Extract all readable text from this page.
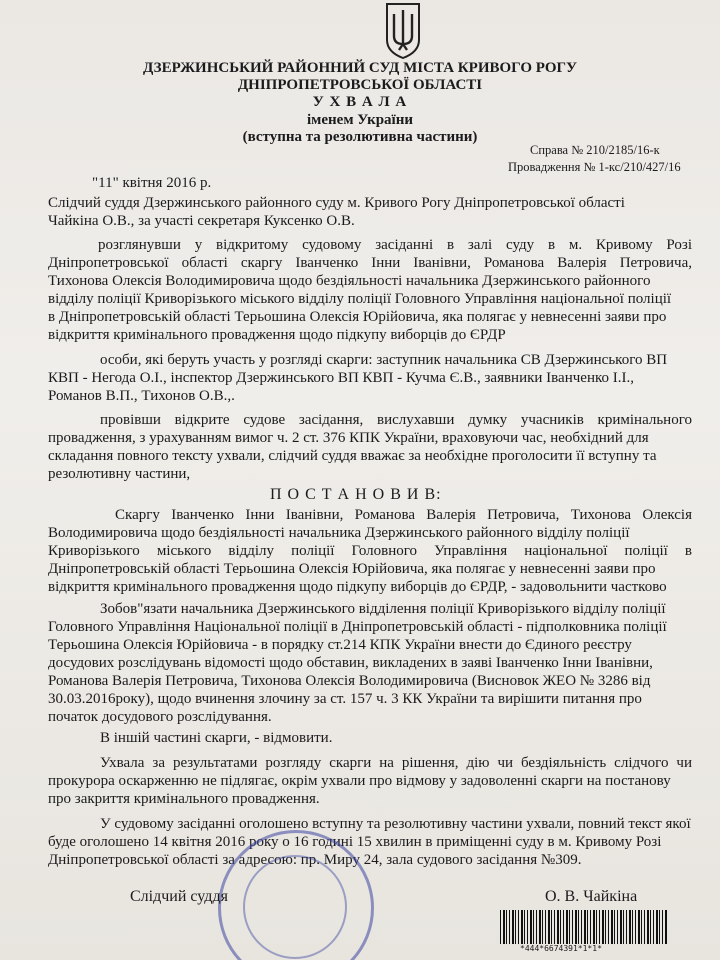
ДЗЕРЖИНСЬКИЙ РАЙОННИЙ СУД МІСТА КРИВОГО РОГУ
ДНІПРОПЕТРОВСЬКОЇ ОБЛАСТІ
У Х В А Л А
іменем України
(вступна та резолютивна частини)
Справа № 210/2185/16-к
Провадження № 1-кс/210/427/16
"11" квітня 2016 р.
Слідчий суддя Дзержинського районного суду м. Кривого Рогу Дніпропетровської області
Чайкіна О.В., за участі секретаря Куксенко О.В.
розглянувши у відкритому судовому засіданні в залі суду в м. Кривому Розі
Дніпропетровської області скаргу Іванченко Інни Іванівни, Романова Валерія Петровича,
Тихонова Олексія Володимировича щодо бездіяльності начальника Дзержинського районного
відділу поліції Криворізького міського відділу поліції Головного Управління національної поліції
в Дніпропетровській області Терьошина Олексія Юрійовича, яка полягає у невнесенні заяви про
відкриття кримінального провадження щодо підкупу виборців до ЄРДР
особи, які беруть участь у розгляді скарги: заступник начальника СВ Дзержинського ВП
КВП - Негода О.І., інспектор Дзержинського ВП КВП - Кучма Є.В., заявники Іванченко І.І.,
Романов В.П., Тихонов О.В.,.
провівши відкрите судове засідання, вислухавши думку учасників кримінального
провадження, з урахуванням вимог ч. 2 ст. 376 КПК України, враховуючи час, необхідний для
складання повного тексту ухвали, слідчий суддя вважає за необхідне проголосити її вступну та
резолютивну частини,
П О С Т А Н О В И В:
Скаргу Іванченко Інни Іванівни, Романова Валерія Петровича, Тихонова Олексія
Володимировича щодо бездіяльності начальника Дзержинського районного відділу поліції
Криворізького міського відділу поліції Головного Управління національної поліції в
Дніпропетровській області Терьошина Олексія Юрійовича, яка полягає у невнесенні заяви про
відкриття кримінального провадження щодо підкупу виборців до ЄРДР, - задовольнити частково
Зобов"язати начальника Дзержинського відділення поліції Криворізького відділу поліції
Головного Управління Національної поліції в Дніпропетровській області - підполковника поліції
Терьошина Олексія Юрійовича - в порядку ст.214 КПК України внести до Єдиного реєстру
досудових розслідувань відомості щодо обставин, викладених в заяві Іванченко Інни Іванівни,
Романова Валерія Петровича, Тихонова Олексія Володимировича (Висновок ЖЕО № 3286 від
30.03.2016року), щодо вчинення злочину за ст. 157 ч. 3 КК України та вирішити питання про
початок досудового розслідування.
В іншій частині скарги, - відмовити.
Ухвала за результатами розгляду скарги на рішення, дію чи бездіяльність слідчого чи
прокурора оскарженню не підлягає, окрім ухвали про відмову у задоволенні скарги на постанову
про закриття кримінального провадження.
У судовому засіданні оголошено вступну та резолютивну частини ухвали, повний текст якої
буде оголошено 14 квітня 2016 року о 16 годині 15 хвилин в приміщенні суду в м. Кривому Розі
Дніпропетровської області за адресою: пр. Миру 24, зала судового засідання №309.
Слідчий суддя	О. В. Чайкіна
*444*6674391*1*1*
